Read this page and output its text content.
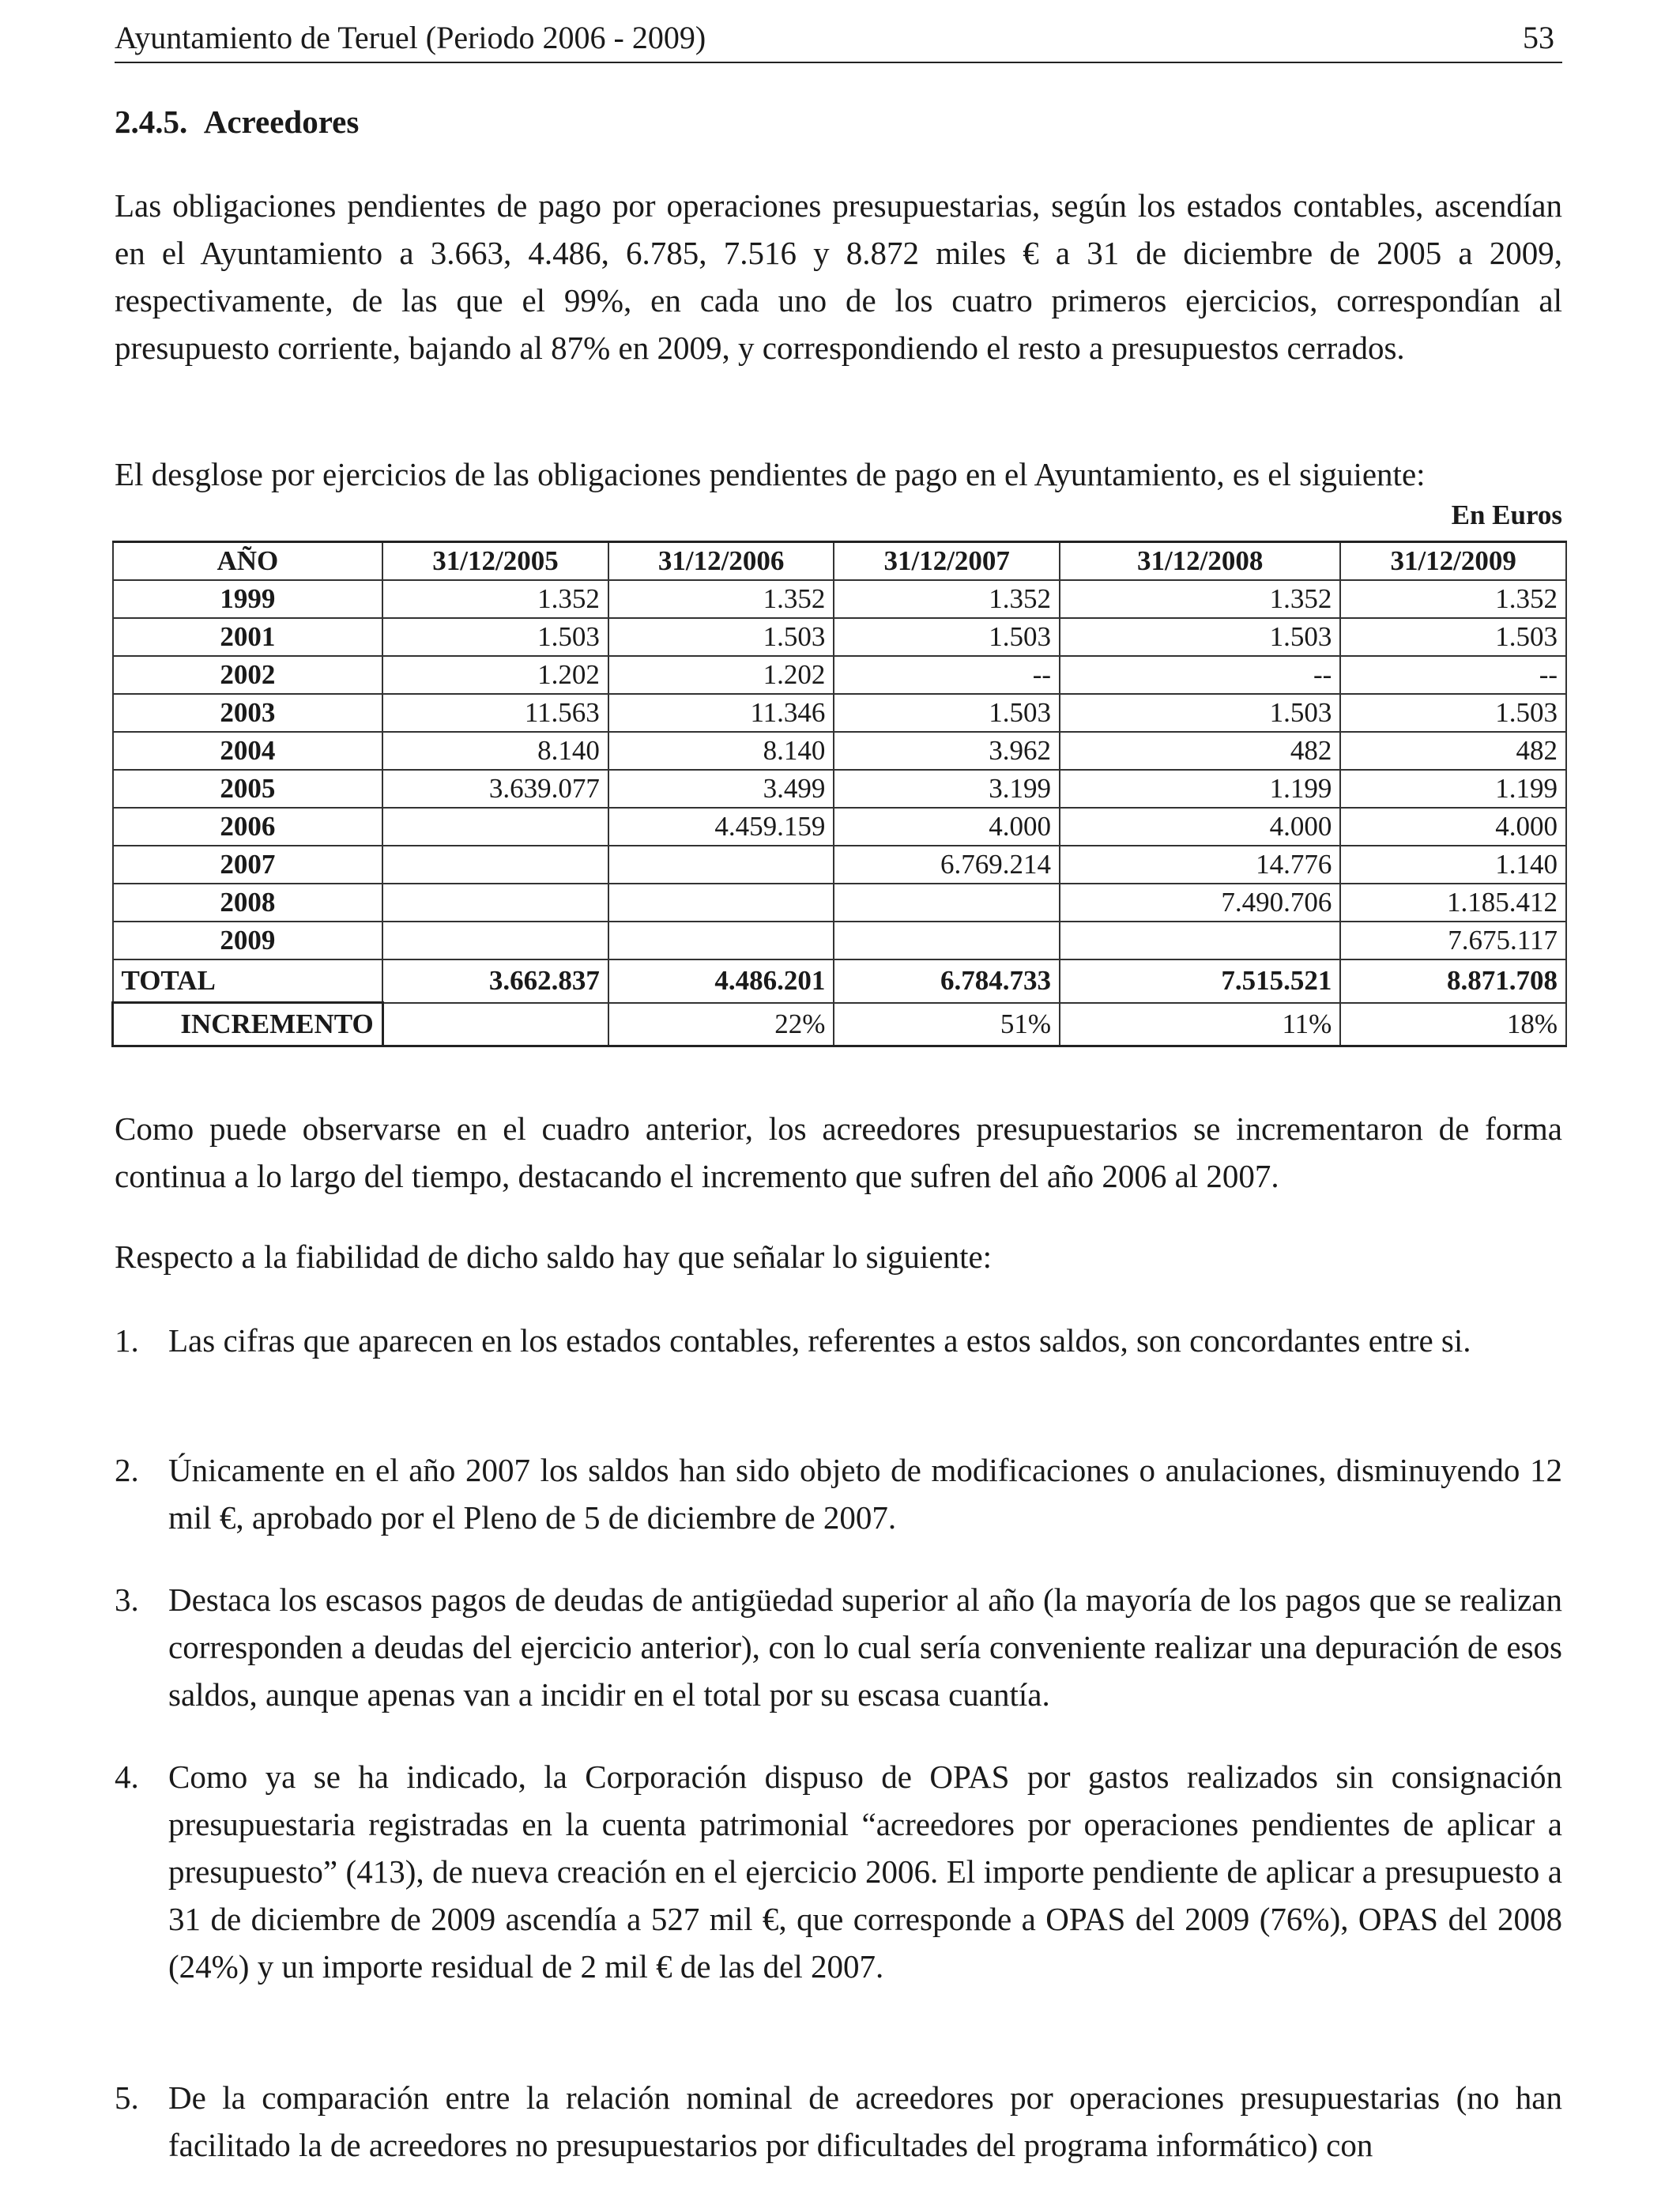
Ayuntamiento de Teruel (Periodo 2006 - 2009)	53
2.4.5. Acreedores

Las obligaciones pendientes de pago por operaciones presupuestarias, según los estados contables, ascendían en el Ayuntamiento a 3.663, 4.486, 6.785, 7.516 y 8.872 miles € a 31 de diciembre de 2005 a 2009, respectivamente, de las que el 99%, en cada uno de los cuatro primeros ejercicios, correspondían al presupuesto corriente, bajando al 87% en 2009, y correspondiendo el resto a presupuestos cerrados.

El desglose por ejercicios de las obligaciones pendientes de pago en el Ayuntamiento, es el siguiente:

En Euros
AÑO	31/12/2005	31/12/2006	31/12/2007	31/12/2008	31/12/2009
1999	1.352	1.352	1.352	1.352	1.352
2001	1.503	1.503	1.503	1.503	1.503
2002	1.202	1.202	--	--	--
2003	11.563	11.346	1.503	1.503	1.503
2004	8.140	8.140	3.962	482	482
2005	3.639.077	3.499	3.199	1.199	1.199
2006		4.459.159	4.000	4.000	4.000
2007			6.769.214	14.776	1.140
2008				7.490.706	1.185.412
2009					7.675.117
TOTAL	3.662.837	4.486.201	6.784.733	7.515.521	8.871.708
INCREMENTO		22%	51%	11%	18%

Como puede observarse en el cuadro anterior, los acreedores presupuestarios se incrementaron de forma continua a lo largo del tiempo, destacando el incremento que sufren del año 2006 al 2007.

Respecto a la fiabilidad de dicho saldo hay que señalar lo siguiente:

1. Las cifras que aparecen en los estados contables, referentes a estos saldos, son concordantes entre si.
2. Únicamente en el año 2007 los saldos han sido objeto de modificaciones o anulaciones, disminuyendo 12 mil €, aprobado por el Pleno de 5 de diciembre de 2007.
3. Destaca los escasos pagos de deudas de antigüedad superior al año (la mayoría de los pagos que se realizan corresponden a deudas del ejercicio anterior), con lo cual sería conveniente realizar una depuración de esos saldos, aunque apenas van a incidir en el total por su escasa cuantía.
4. Como ya se ha indicado, la Corporación dispuso de OPAS por gastos realizados sin consignación presupuestaria registradas en la cuenta patrimonial “acreedores por operaciones pendientes de aplicar a presupuesto” (413), de nueva creación en el ejercicio 2006. El importe pendiente de aplicar a presupuesto a 31 de diciembre de 2009 ascendía a 527 mil €, que corresponde a OPAS del 2009 (76%), OPAS del 2008 (24%) y un importe residual de 2 mil € de las del 2007.
5. De la comparación entre la relación nominal de acreedores por operaciones presupuestarias (no han facilitado la de acreedores no presupuestarios por dificultades del programa informático) con
